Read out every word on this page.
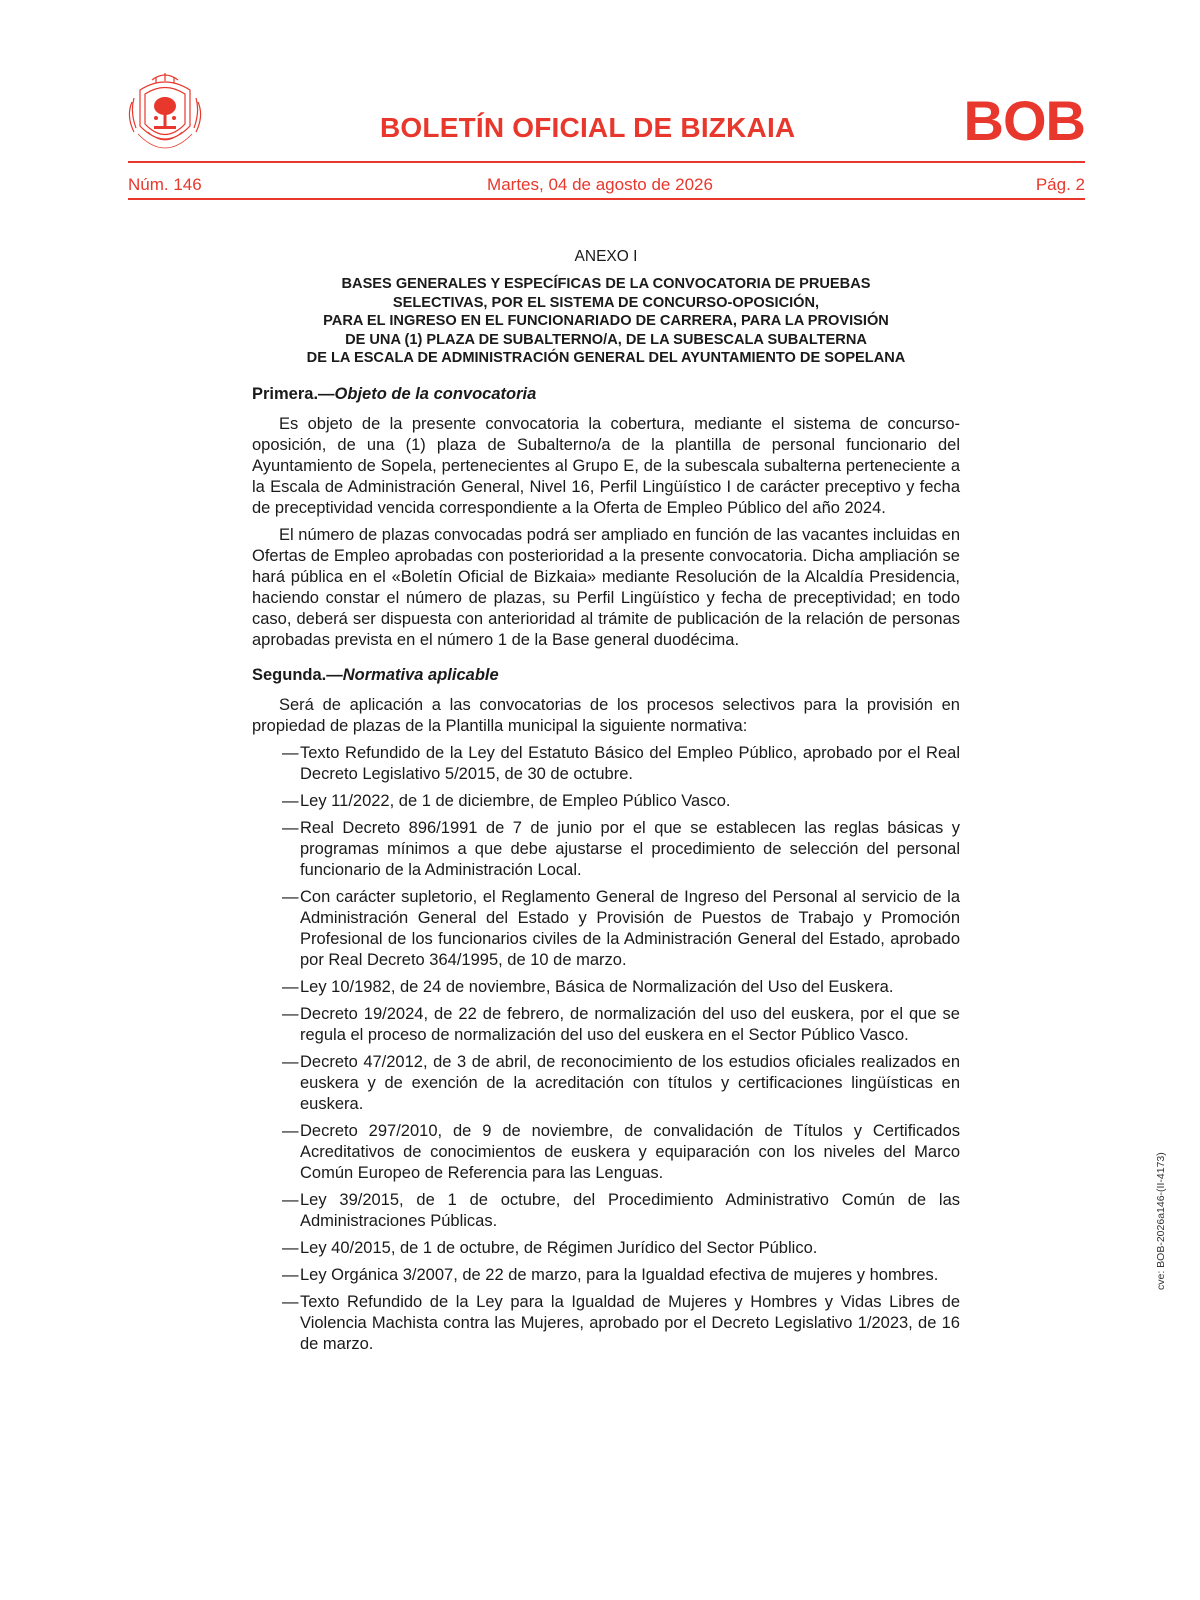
BOLETÍN OFICIAL DE BIZKAIA	BOB
Martes, 04 de agosto de 2026
Núm. 146	Pág. 2
ANEXO I
BASES GENERALES Y ESPECÍFICAS DE LA CONVOCATORIA DE PRUEBAS
SELECTIVAS, POR EL SISTEMA DE CONCURSO-OPOSICIÓN,
PARA EL INGRESO EN EL FUNCIONARIADO DE CARRERA, PARA LA PROVISIÓN
DE UNA (1) PLAZA DE SUBALTERNO/A, DE LA SUBESCALA SUBALTERNA
DE LA ESCALA DE ADMINISTRACIÓN GENERAL DEL AYUNTAMIENTO DE SOPELANA
Primera.—Objeto de la convocatoria

Es objeto de la presente convocatoria la cobertura, mediante el sistema de concurso-oposición, de una (1) plaza de Subalterno/a de la plantilla de personal funcionario del Ayuntamiento de Sopela, pertenecientes al Grupo E, de la subescala subalterna perteneciente a la Escala de Administración General, Nivel 16, Perfil Lingüístico I de carácter preceptivo y fecha de preceptividad vencida correspondiente a la Oferta de Empleo Público del año 2024.

El número de plazas convocadas podrá ser ampliado en función de las vacantes incluidas en Ofertas de Empleo aprobadas con posterioridad a la presente convocatoria. Dicha ampliación se hará pública en el «Boletín Oficial de Bizkaia» mediante Resolución de la Alcaldía Presidencia, haciendo constar el número de plazas, su Perfil Lingüístico y fecha de preceptividad; en todo caso, deberá ser dispuesta con anterioridad al trámite de publicación de la relación de personas aprobadas prevista en el número 1 de la Base general duodécima.

Segunda.—Normativa aplicable

Será de aplicación a las convocatorias de los procesos selectivos para la provisión en propiedad de plazas de la Plantilla municipal la siguiente normativa:

— Texto Refundido de la Ley del Estatuto Básico del Empleo Público, aprobado por el Real Decreto Legislativo 5/2015, de 30 de octubre.
— Ley 11/2022, de 1 de diciembre, de Empleo Público Vasco.
— Real Decreto 896/1991 de 7 de junio por el que se establecen las reglas básicas y programas mínimos a que debe ajustarse el procedimiento de selección del personal funcionario de la Administración Local.
— Con carácter supletorio, el Reglamento General de Ingreso del Personal al servicio de la Administración General del Estado y Provisión de Puestos de Trabajo y Promoción Profesional de los funcionarios civiles de la Administración General del Estado, aprobado por Real Decreto 364/1995, de 10 de marzo.
— Ley 10/1982, de 24 de noviembre, Básica de Normalización del Uso del Euskera.
— Decreto 19/2024, de 22 de febrero, de normalización del uso del euskera, por el que se regula el proceso de normalización del uso del euskera en el Sector Público Vasco.
— Decreto 47/2012, de 3 de abril, de reconocimiento de los estudios oficiales realizados en euskera y de exención de la acreditación con títulos y certificaciones lingüísticas en euskera.
— Decreto 297/2010, de 9 de noviembre, de convalidación de Títulos y Certificados Acreditativos de conocimientos de euskera y equiparación con los niveles del Marco Común Europeo de Referencia para las Lenguas.
— Ley 39/2015, de 1 de octubre, del Procedimiento Administrativo Común de las Administraciones Públicas.
— Ley 40/2015, de 1 de octubre, de Régimen Jurídico del Sector Público.
— Ley Orgánica 3/2007, de 22 de marzo, para la Igualdad efectiva de mujeres y hombres.
— Texto Refundido de la Ley para la Igualdad de Mujeres y Hombres y Vidas Libres de Violencia Machista contra las Mujeres, aprobado por el Decreto Legislativo 1/2023, de 16 de marzo.
cve: BOB-2026a146-(II-4173)
